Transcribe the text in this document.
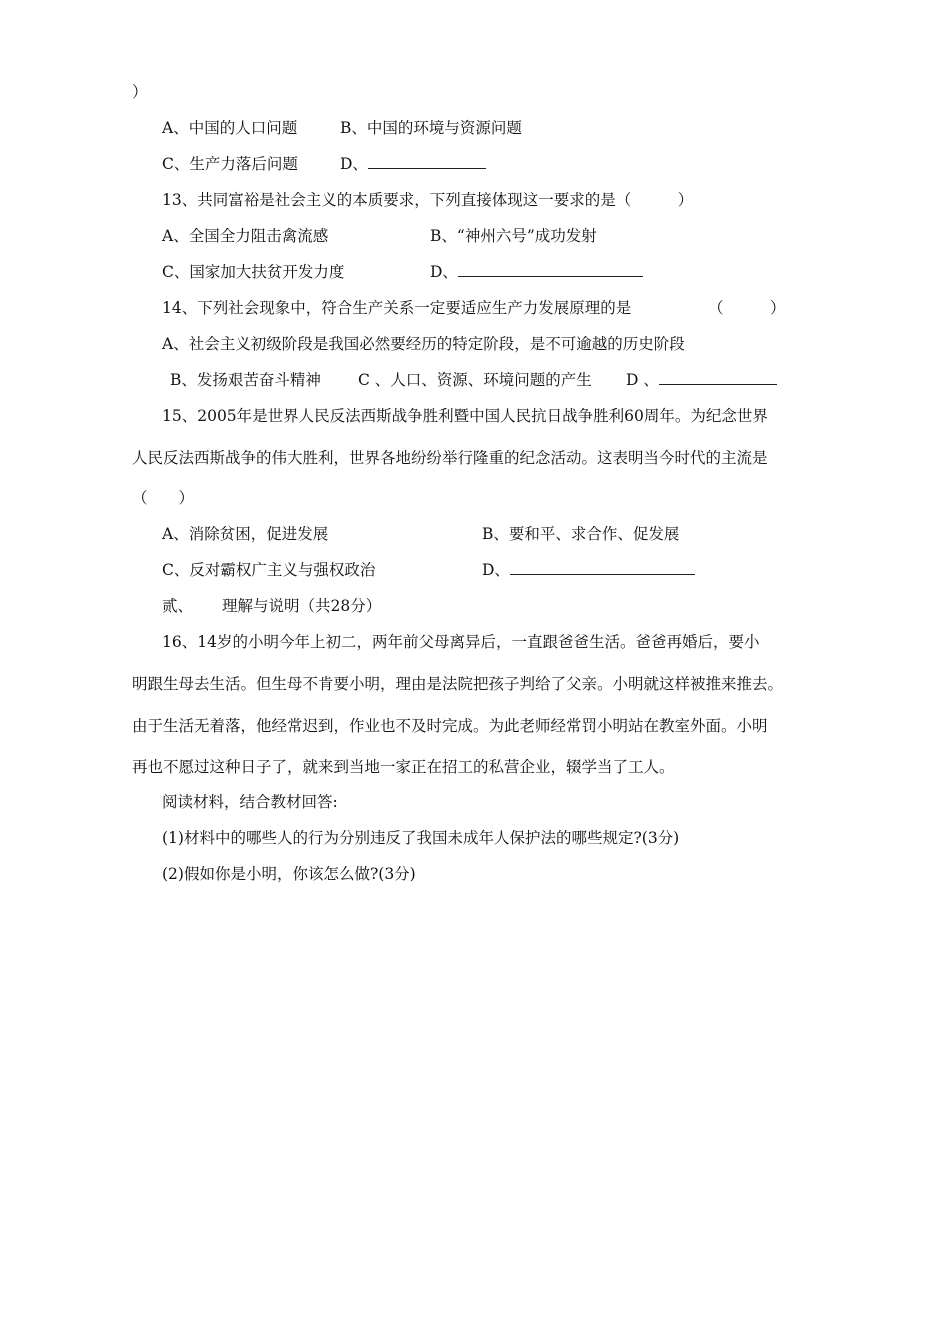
）
A、中国的人口问题	B、中国的环境与资源问题
C、生产力落后问题	D、
13、共同富裕是社会主义的本质要求，下列直接体现这一要求的是（　　　）
A、全国全力阻击禽流感	B、“神州六号”成功发射
C、国家加大扶贫开发力度	D、
14、下列社会现象中，符合生产关系一定要适应生产力发展原理的是	（　　　）
A、社会主义初级阶段是我国必然要经历的特定阶段，是不可逾越的历史阶段
B、发扬艰苦奋斗精神 C 、人口、资源、环境问题的产生 D 、
15、2005年是世界人民反法西斯战争胜利暨中国人民抗日战争胜利60周年。为纪念世界
人民反法西斯战争的伟大胜利，世界各地纷纷举行隆重的纪念活动。这表明当今时代的主流是
（　　）
A、消除贫困，促进发展	B、要和平、求合作、促发展
C、反对霸权广主义与强权政治	D、
贰、 理解与说明（共28分）
16、14岁的小明今年上初二，两年前父母离异后，一直跟爸爸生活。爸爸再婚后，要小
明跟生母去生活。但生母不肯要小明，理由是法院把孩子判给了父亲。小明就这样被推来推去。
由于生活无着落，他经常迟到，作业也不及时完成。为此老师经常罚小明站在教室外面。小明
再也不愿过这种日子了，就来到当地一家正在招工的私营企业，辍学当了工人。
阅读材料，结合教材回答:
(1)材料中的哪些人的行为分别违反了我国未成年人保护法的哪些规定?(3分)
(2)假如你是小明，你该怎么做?(3分)
